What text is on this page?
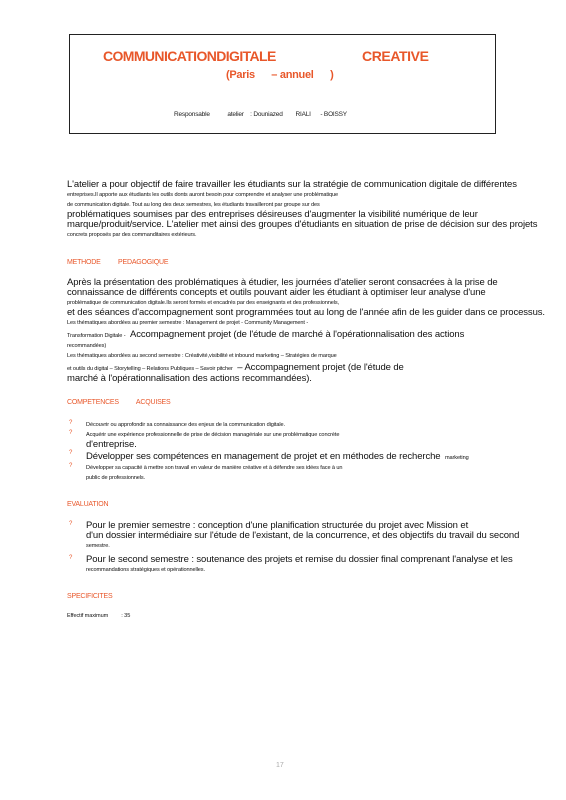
COMMUNICATIONDIGITALE	CREATIVE
(Paris      – annuel      )
Responsable           atelier    : Douniazed        RIALI      - BOISSY

L'atelier a pour objectif de faire travailler les étudiants sur la stratégie de communication digitale de différentes

entreprises.Il apporte aux étudiants les outils donts auront besoin pour comprendre et analyser une problématique

de communication digitale. Tout au long des deux semestres, les étudiants travailleront par groupe sur des

problématiques soumises par des entreprises désireuses d'augmenter la visibilité numérique de leur

marque/produit/service. L'atelier met ainsi des groupes d'étudiants en situation de prise de décision sur des projets

concrets proposés par des commanditaires extérieurs.

METHODE          PEDAGOGIQUE

Après la présentation des problématiques à étudier, les journées d'atelier seront consacrées à la prise de

connaissance de différents concepts et outils pouvant aider les étudiant à optimiser leur analyse d'une

problématique de communication digitale.Ils seront formés et encadrés par des enseignants et des professionnels,

et des séances d'accompagnement sont programmées tout au long de l'année afin de les guider dans ce processus.

Les thématiques abordées au premier semestre : Management de projet - Community Management -

Transformation Digitale - Accompagnement projet (de l'étude de marché à l'opérationnalisation des actions

recommandées)

Les thématiques abordées au second semestre : Créativité,visibilité et inbound marketing – Stratégies de marque

et outils du digital – Storytelling – Relations Publiques – Savoir pitcher – Accompagnement projet (de l'étude de

marché à l'opérationnalisation des actions recommandées).

COMPETENCES          ACQUISES

? Découvrir ou approfondir sa connaissance des enjeux de la communication digitale.

? Acquérir une expérience professionnelle de prise de décision managériale sur une problématique concrète

d'entreprise.

? Développer ses compétences en management de projet et en méthodes de recherche marketing

? Développer sa capacité à mettre son travail en valeur de manière créative et à défendre ses idées face à un

public de professionnels.

EVALUATION

? Pour le premier semestre : conception d'une planification structurée du projet avec Mission et

d'un dossier intermédiaire sur l'étude de l'existant, de la concurrence, et des objectifs du travail du second

semestre.

? Pour le second semestre : soutenance des projets et remise du dossier final comprenant l'analyse et les

recommandations stratégiques et opérationnelles.

SPECIFICITES

Effectif maximum         : 35

17
